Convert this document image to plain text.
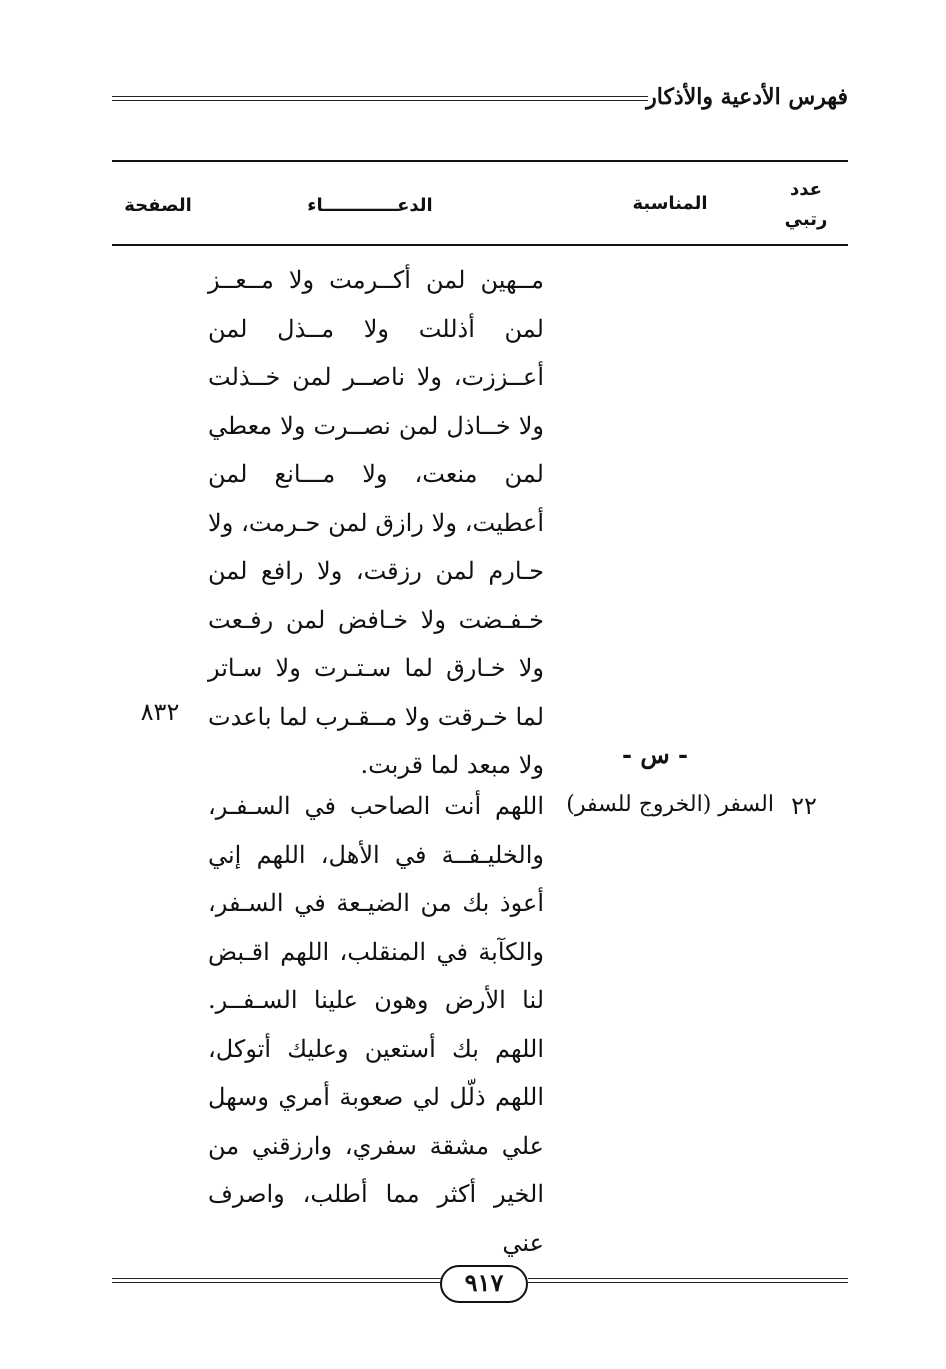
فهرس الأدعية والأذكار
عدد
رتبي
المناسبة
الدعــــــــــــاء
الصفحة
مــهين لمن أكــرمت ولا مــعــز لمن أذللت ولا مــذل لمن أعــززت، ولا ناصــر لمن خــذلت ولا خــاذل لمن نصــرت ولا معطي لمن منعت، ولا مـــانع لمن أعطيت، ولا رازق لمن حـرمت، ولا حـارم لمن رزقت، ولا رافع لمن خـفـضت ولا خـافض لمن رفـعت ولا خـارق لما سـتـرت ولا سـاتر لما خـرقت ولا مــقـرب لما باعدت ولا مبعد لما قربت.
٨٣٢
- س -
٢٢
السفر (الخروج للسفر)
اللهم أنت الصاحب في السـفـر، والخليـفــة في الأهل، اللهم إني أعوذ بك من الضيـعة في السـفر، والكآبة في المنقلب، اللهم اقـبض لنا الأرض وهون علينا السـفــر. اللهم بك أستعين وعليك أتوكل، اللهم ذلّل لي صعوبة أمري وسهل علي مشقة سفري، وارزقني من الخير أكثر مما أطلب، واصرف عني
٩١٧
